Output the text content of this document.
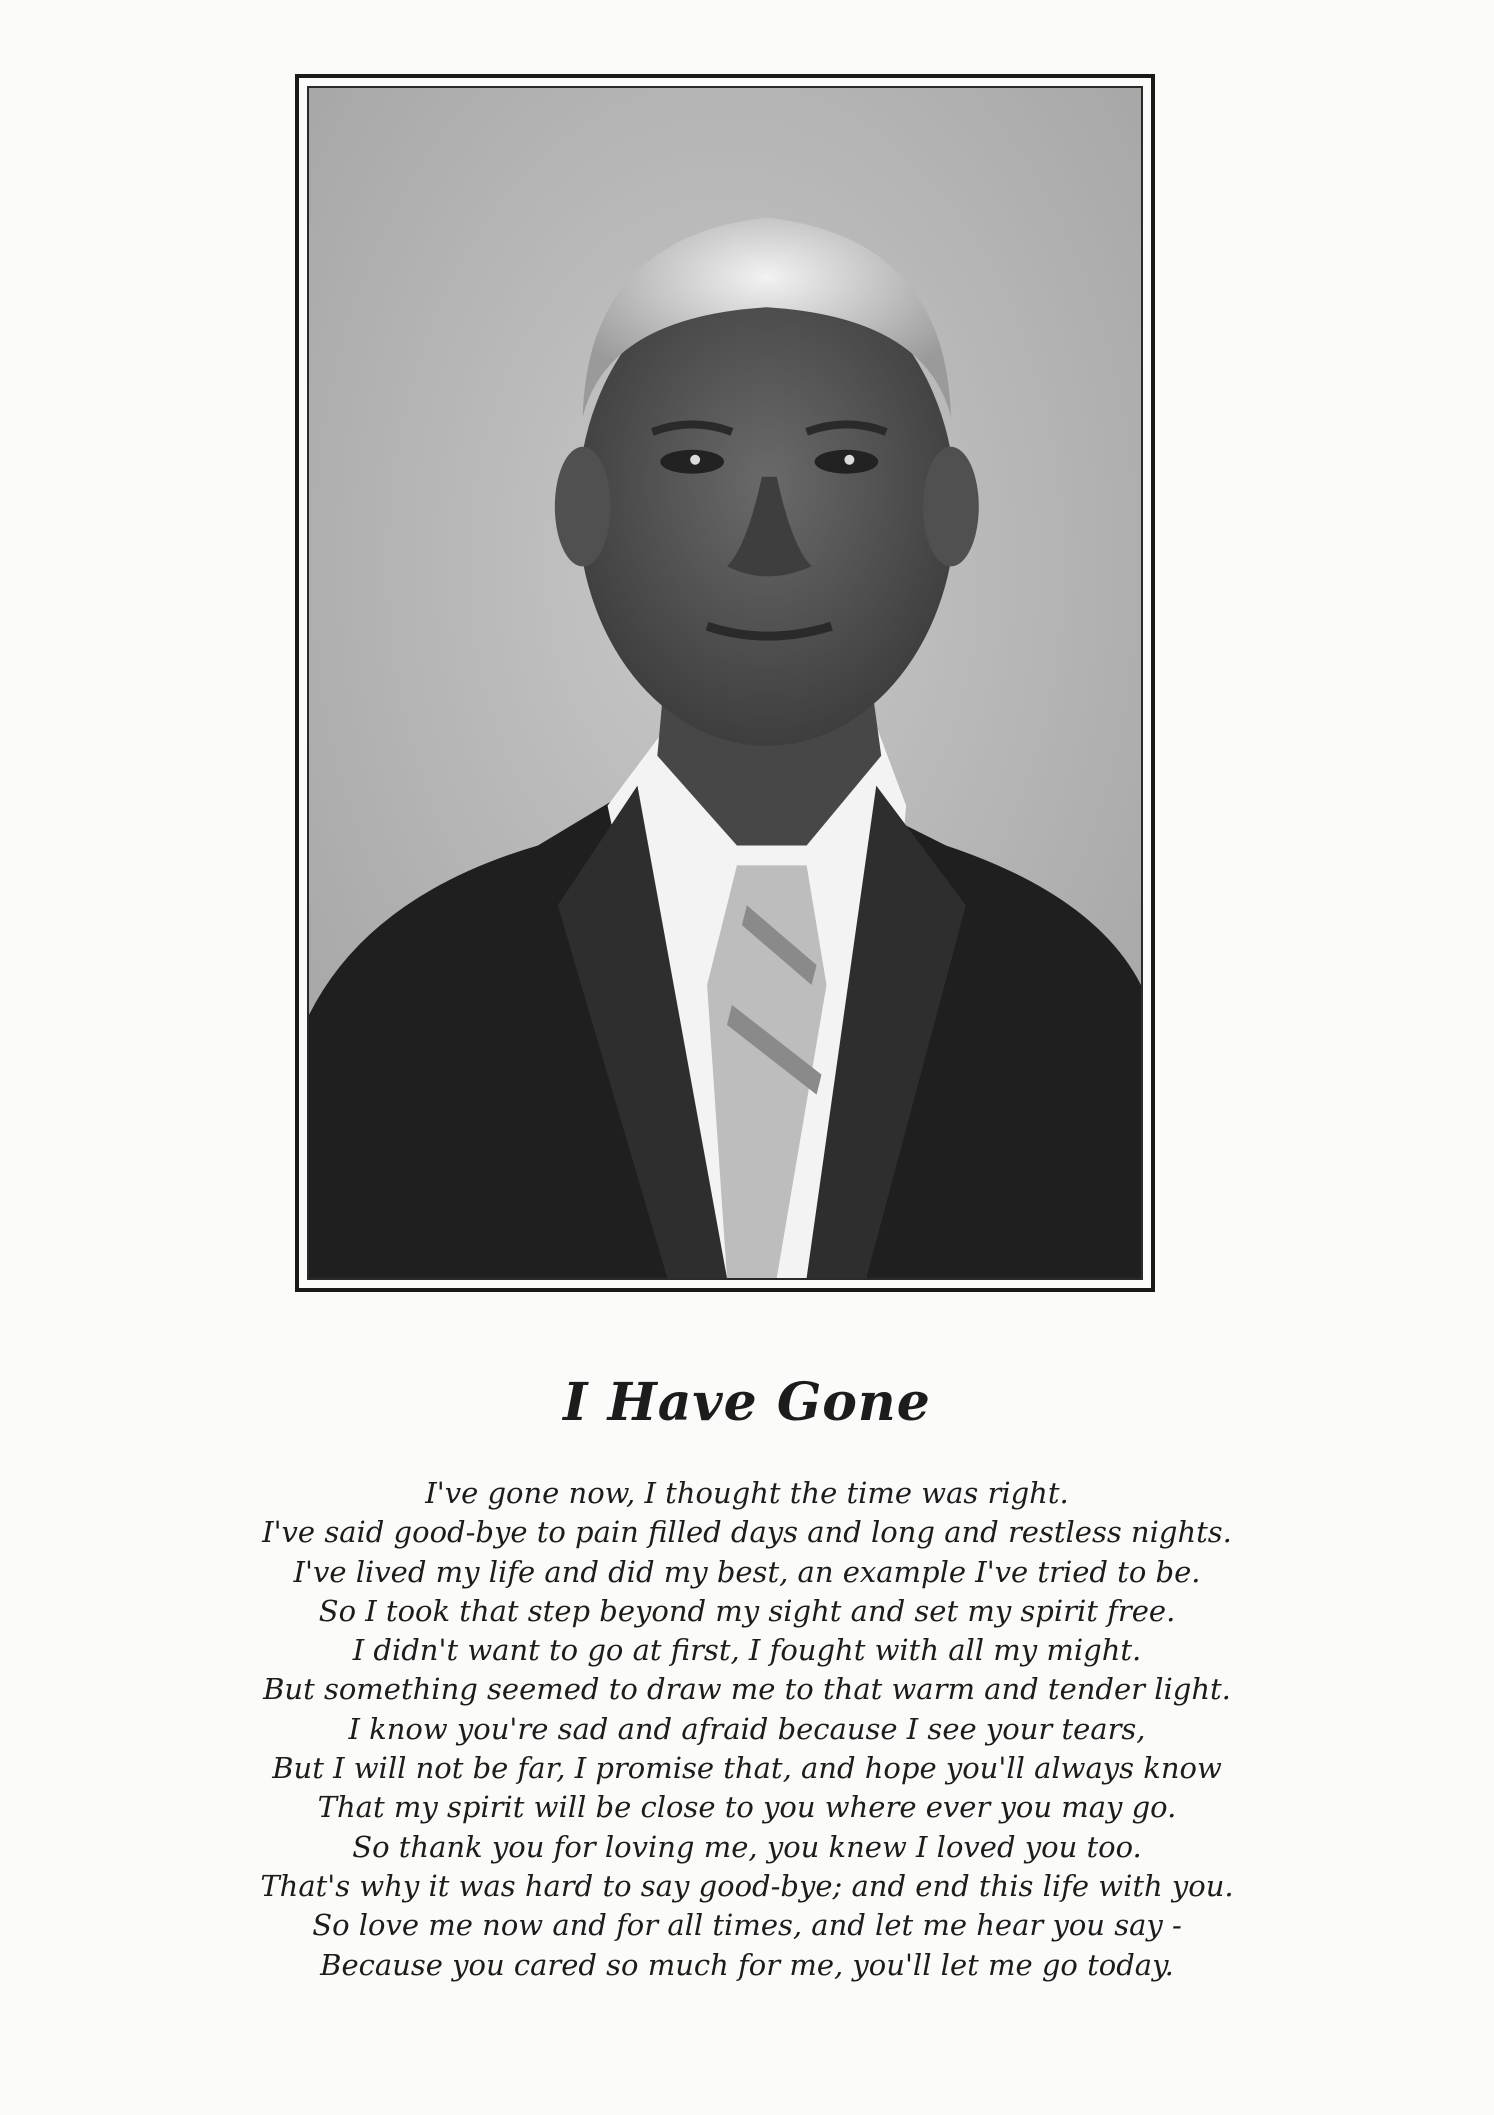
I Have Gone
I've gone now, I thought the time was right.
I've said good-bye to pain filled days and long and restless nights.
I've lived my life and did my best, an example I've tried to be.
So I took that step beyond my sight and set my spirit free.
I didn't want to go at first, I fought with all my might.
But something seemed to draw me to that warm and tender light.
I know you're sad and afraid because I see your tears,
But I will not be far, I promise that, and hope you'll always know
That my spirit will be close to you where ever you may go.
So thank you for loving me, you knew I loved you too.
That's why it was hard to say good-bye; and end this life with you.
So love me now and for all times, and let me hear you say -
Because you cared so much for me, you'll let me go today.
